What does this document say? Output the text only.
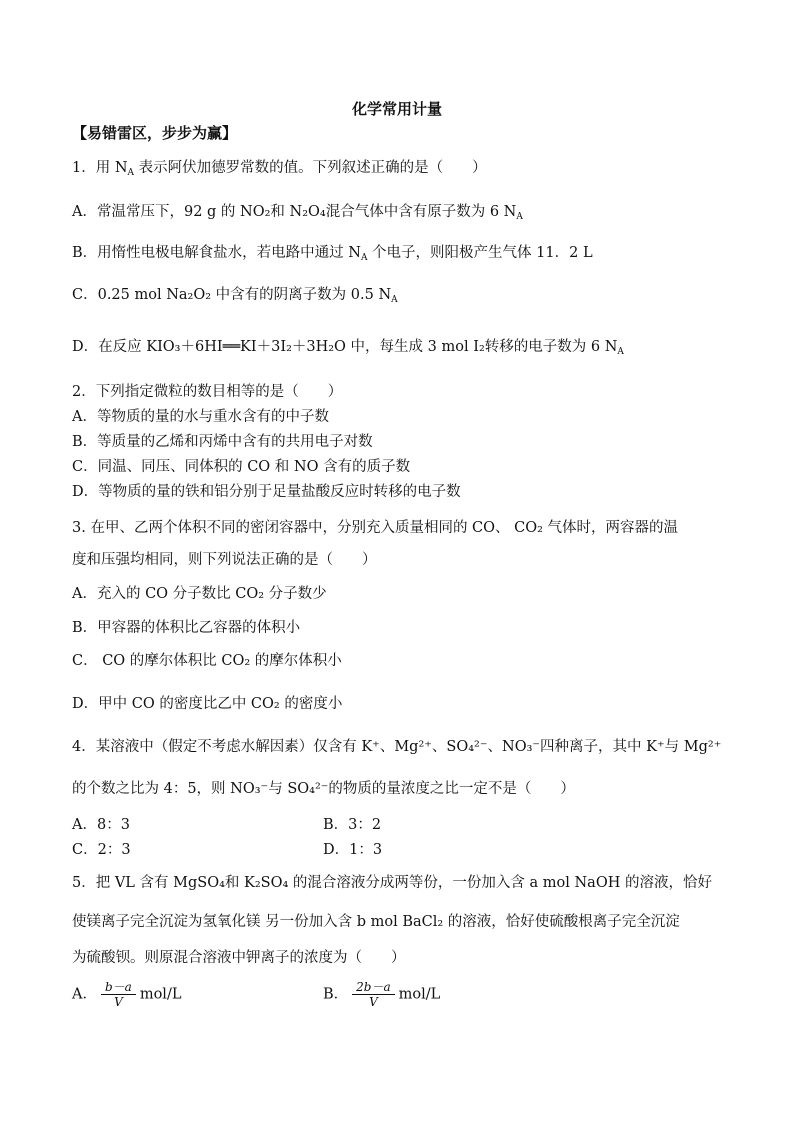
化学常用计量
【易错雷区，步步为赢】
1．用 $N_A$ 表示阿伏加德罗常数的值。下列叙述正确的是（　　）
A．常温常压下，92 g 的 NO₂和 N₂O₄混合气体中含有原子数为 6 $N_A$
B．用惰性电极电解食盐水，若电路中通过 $N_A$ 个电子，则阳极产生气体 11．2 L
C．0.25 mol Na₂O₂ 中含有的阴离子数为 0.5 $N_A$
D．在反应 KIO₃＋6HI══KI＋3I₂＋3H₂O 中，每生成 3 mol I₂转移的电子数为 6 $N_A$
2．下列指定微粒的数目相等的是（　　）
A．等物质的量的水与重水含有的中子数
B．等质量的乙烯和丙烯中含有的共用电子对数
C．同温、同压、同体积的 CO 和 NO 含有的质子数
D．等物质的量的铁和铝分别于足量盐酸反应时转移的电子数
3. 在甲、乙两个体积不同的密闭容器中，分别充入质量相同的 CO、 CO₂ 气体时，两容器的温
度和压强均相同，则下列说法正确的是（　　）
A．充入的 CO 分子数比 CO₂ 分子数少
B．甲容器的体积比乙容器的体积小
C． CO 的摩尔体积比 CO₂ 的摩尔体积小
D．甲中 CO 的密度比乙中 CO₂ 的密度小
4．某溶液中（假定不考虑水解因素）仅含有 K⁺、Mg²⁺、SO₄²⁻、NO₃⁻四种离子，其中 K⁺与 Mg²⁺
的个数之比为 4：5，则 NO₃⁻与 SO₄²⁻的物质的量浓度之比一定不是（　　）
A．8：3	B．3：2
C．2：3	D．1：3
5．把 VL 含有 MgSO₄和 K₂SO₄ 的混合溶液分成两等份，一份加入含 a mol NaOH 的溶液，恰好
使镁离子完全沉淀为氢氧化镁 另一份加入含 b mol BaCl₂ 的溶液，恰好使硫酸根离子完全沉淀
为硫酸钡。则原混合溶液中钾离子的浓度为（　　）
A． $\frac{b-a}{V} mol/L$	B． $\frac{2b-a}{V} mol/L$
